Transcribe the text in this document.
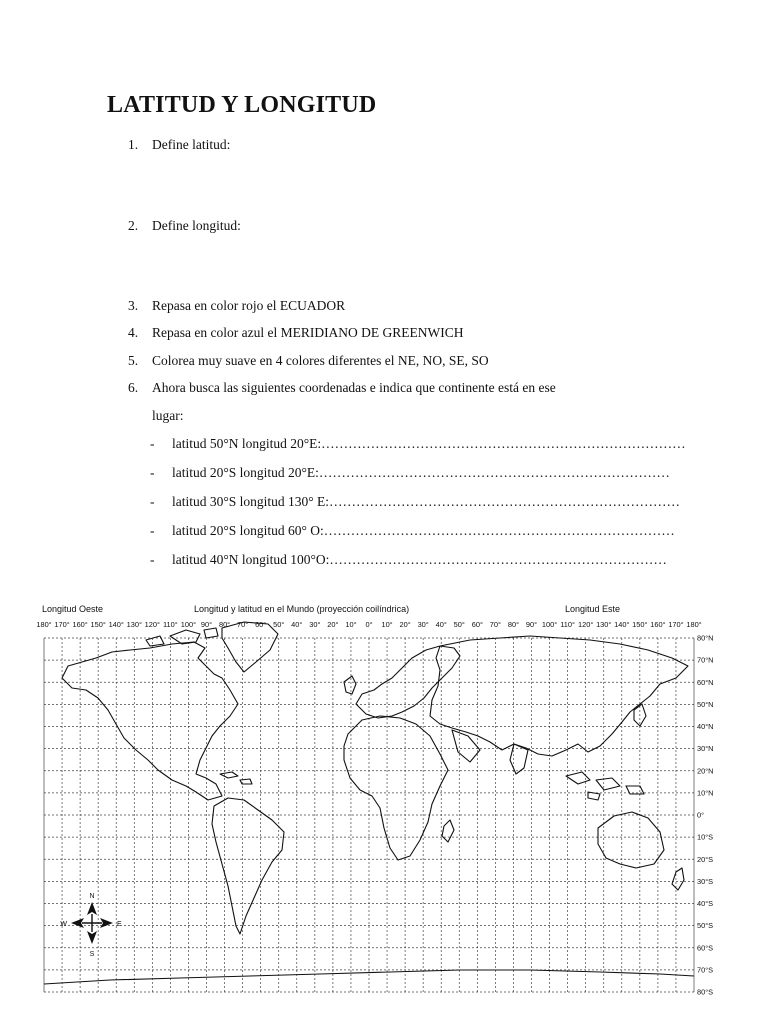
LATITUD Y LONGITUD
1. Define latitud:
2. Define longitud:
3. Repasa en color rojo el ECUADOR
4. Repasa en color azul el MERIDIANO DE GREENWICH
5. Colorea muy suave en 4 colores diferentes el NE, NO, SE, SO
6. Ahora busca las siguientes coordenadas e indica que continente está en ese
lugar:
- latitud 50°N longitud 20°E:………………………………………………………………………
- latitud 20°S longitud 20°E:……………………………………………………………………
- latitud 30°S longitud 130° E:……………………………………………………………………
- latitud 20°S longitud 60° O:……………………………………………………………………
- latitud 40°N longitud 100°O:…………………………………………………………………
Longitud Oeste	Longitud y latitud en el Mundo (proyección coilíndrica)	Longitud Este
180° 170° 160° 150° 140° 130° 120° 110° 100° 90° 80° 70° 60° 50° 40° 30° 20° 10° 0° 10° 20° 30° 40° 50° 60° 70° 80° 90° 100° 110° 120° 130° 140° 150° 160° 170° 180°
80°N
70°N
60°N
50°N
40°N
30°N
20°N
10°N
0°
10°S
20°S
30°S
40°S
50°S
60°S
70°S
80°S
N
S
E
W
